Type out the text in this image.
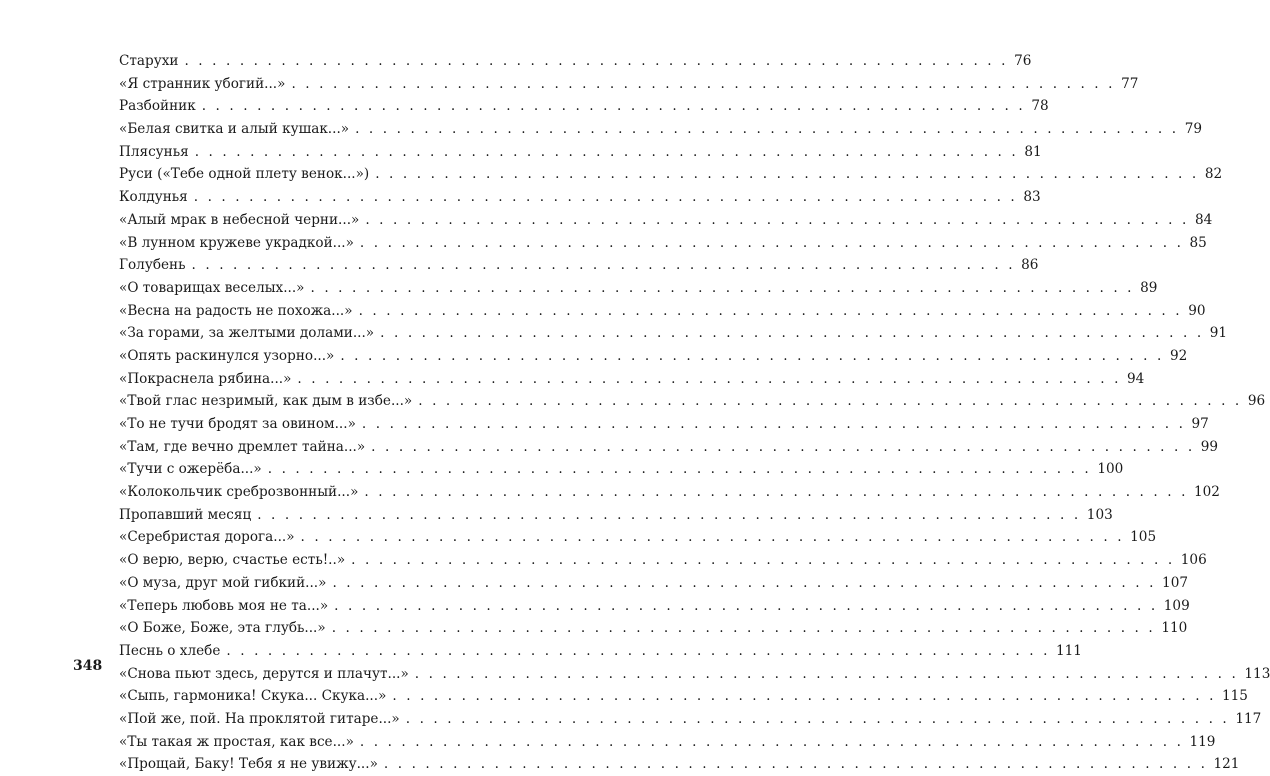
Старухи . . . . . . . . . . . . . . . . . . . . . . . . . . . . . . . . . . . . . . . . . . . . . . . . . . . . . . . . . . . . 76
«Я странник убогий...» . . . . . . . . . . . . . . . . . . . . . . . . . . . . . . . . . . . . . . . . . . . . . . . . . . . . . . . . . . . . 77
Разбойник . . . . . . . . . . . . . . . . . . . . . . . . . . . . . . . . . . . . . . . . . . . . . . . . . . . . . . . . . . . . 78
«Белая свитка и алый кушак...» . . . . . . . . . . . . . . . . . . . . . . . . . . . . . . . . . . . . . . . . . . . . . . . . . . . . . . . . . . . . 79
Плясунья . . . . . . . . . . . . . . . . . . . . . . . . . . . . . . . . . . . . . . . . . . . . . . . . . . . . . . . . . . . . 81
Руси («Тебе одной плету венок...») . . . . . . . . . . . . . . . . . . . . . . . . . . . . . . . . . . . . . . . . . . . . . . . . . . . . . . . . . . . . 82
Колдунья . . . . . . . . . . . . . . . . . . . . . . . . . . . . . . . . . . . . . . . . . . . . . . . . . . . . . . . . . . . . 83
«Алый мрак в небесной черни...» . . . . . . . . . . . . . . . . . . . . . . . . . . . . . . . . . . . . . . . . . . . . . . . . . . . . . . . . . . . . 84
«В лунном кружеве украдкой...» . . . . . . . . . . . . . . . . . . . . . . . . . . . . . . . . . . . . . . . . . . . . . . . . . . . . . . . . . . . . 85
Голубень . . . . . . . . . . . . . . . . . . . . . . . . . . . . . . . . . . . . . . . . . . . . . . . . . . . . . . . . . . . . 86
«О товарищах веселых...» . . . . . . . . . . . . . . . . . . . . . . . . . . . . . . . . . . . . . . . . . . . . . . . . . . . . . . . . . . . . 89
«Весна на радость не похожа...» . . . . . . . . . . . . . . . . . . . . . . . . . . . . . . . . . . . . . . . . . . . . . . . . . . . . . . . . . . . . 90
«За горами, за желтыми долами...» . . . . . . . . . . . . . . . . . . . . . . . . . . . . . . . . . . . . . . . . . . . . . . . . . . . . . . . . . . . . 91
«Опять раскинулся узорно...» . . . . . . . . . . . . . . . . . . . . . . . . . . . . . . . . . . . . . . . . . . . . . . . . . . . . . . . . . . . . 92
«Покраснела рябина...» . . . . . . . . . . . . . . . . . . . . . . . . . . . . . . . . . . . . . . . . . . . . . . . . . . . . . . . . . . . . 94
«Твой глас незримый, как дым в избе...» . . . . . . . . . . . . . . . . . . . . . . . . . . . . . . . . . . . . . . . . . . . . . . . . . . . . . . . . . . . . 96
«То не тучи бродят за овином...» . . . . . . . . . . . . . . . . . . . . . . . . . . . . . . . . . . . . . . . . . . . . . . . . . . . . . . . . . . . . 97
«Там, где вечно дремлет тайна...» . . . . . . . . . . . . . . . . . . . . . . . . . . . . . . . . . . . . . . . . . . . . . . . . . . . . . . . . . . . . 99
«Тучи с ожерёба...» . . . . . . . . . . . . . . . . . . . . . . . . . . . . . . . . . . . . . . . . . . . . . . . . . . . . . . . . . . . . 100
«Колокольчик среброзвонный...» . . . . . . . . . . . . . . . . . . . . . . . . . . . . . . . . . . . . . . . . . . . . . . . . . . . . . . . . . . . . 102
Пропавший месяц . . . . . . . . . . . . . . . . . . . . . . . . . . . . . . . . . . . . . . . . . . . . . . . . . . . . . . . . . . . . 103
«Серебристая дорога...» . . . . . . . . . . . . . . . . . . . . . . . . . . . . . . . . . . . . . . . . . . . . . . . . . . . . . . . . . . . . 105
«О верю, верю, счастье есть!..» . . . . . . . . . . . . . . . . . . . . . . . . . . . . . . . . . . . . . . . . . . . . . . . . . . . . . . . . . . . . 106
«О муза, друг мой гибкий...» . . . . . . . . . . . . . . . . . . . . . . . . . . . . . . . . . . . . . . . . . . . . . . . . . . . . . . . . . . . . 107
«Теперь любовь моя не та...» . . . . . . . . . . . . . . . . . . . . . . . . . . . . . . . . . . . . . . . . . . . . . . . . . . . . . . . . . . . . 109
«О Боже, Боже, эта глубь...» . . . . . . . . . . . . . . . . . . . . . . . . . . . . . . . . . . . . . . . . . . . . . . . . . . . . . . . . . . . . 110
Песнь о хлебе . . . . . . . . . . . . . . . . . . . . . . . . . . . . . . . . . . . . . . . . . . . . . . . . . . . . . . . . . . . . 111
«Снова пьют здесь, дерутся и плачут...» . . . . . . . . . . . . . . . . . . . . . . . . . . . . . . . . . . . . . . . . . . . . . . . . . . . . . . . . . . . . 113
«Сыпь, гармоника! Скука... Скука...» . . . . . . . . . . . . . . . . . . . . . . . . . . . . . . . . . . . . . . . . . . . . . . . . . . . . . . . . . . . . 115
«Пой же, пой. На проклятой гитаре...» . . . . . . . . . . . . . . . . . . . . . . . . . . . . . . . . . . . . . . . . . . . . . . . . . . . . . . . . . . . . 117
«Ты такая ж простая, как все...» . . . . . . . . . . . . . . . . . . . . . . . . . . . . . . . . . . . . . . . . . . . . . . . . . . . . . . . . . . . . 119
«Прощай, Баку! Тебя я не увижу...» . . . . . . . . . . . . . . . . . . . . . . . . . . . . . . . . . . . . . . . . . . . . . . . . . . . . . . . . . . . . 121
348
